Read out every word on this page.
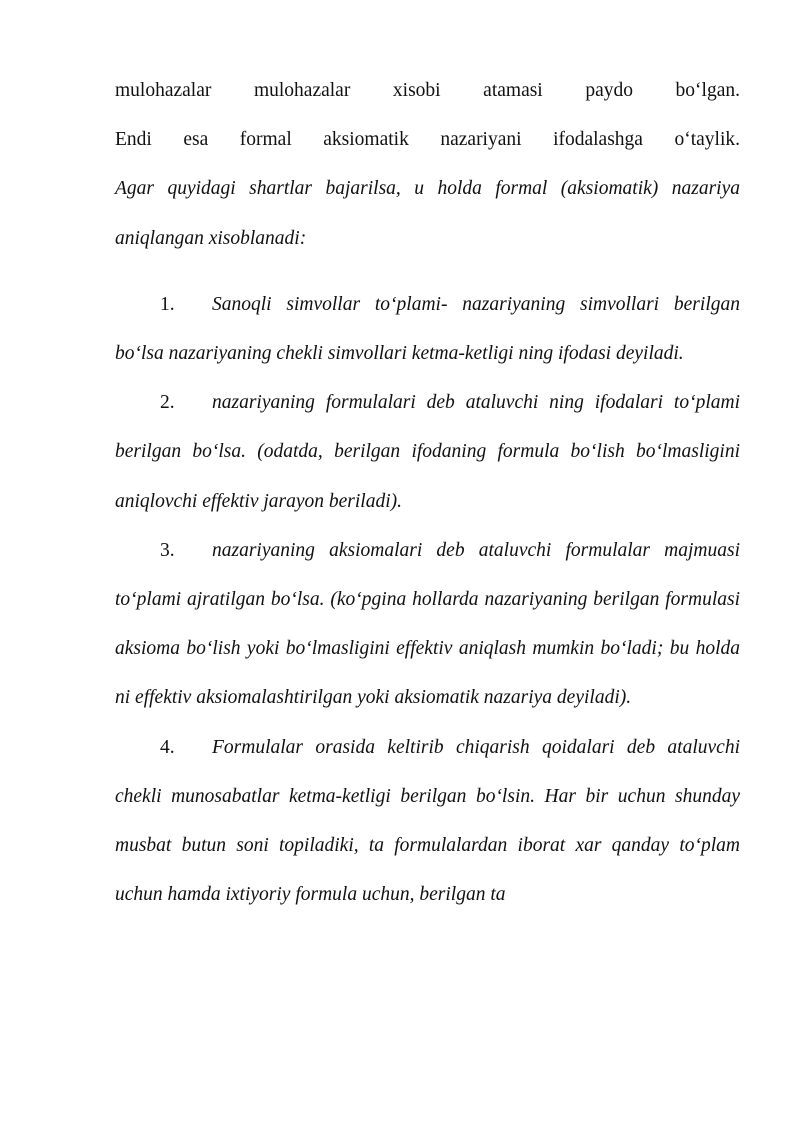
mulohazalar mulohazalar xisobi atamasi paydo bo‘lgan.

Endi esa formal aksiomatik nazariyani ifodalashga o‘taylik.

Agar quyidagi shartlar bajarilsa, u holda formal (aksiomatik) nazariya aniqlangan xisoblanadi:

1. Sanoqli simvollar to‘plami- nazariyaning simvollari berilgan bo‘lsa nazariyaning chekli simvollari ketma-ketligi ning ifodasi deyiladi.

2. nazariyaning formulalari deb ataluvchi ning ifodalari to‘plami berilgan bo‘lsa. (odatda, berilgan ifodaning formula bo‘lish bo‘lmasligini aniqlovchi effektiv jarayon beriladi).

3. nazariyaning aksiomalari deb ataluvchi formulalar majmuasi to‘plami ajratilgan bo‘lsa. (ko‘pgina hollarda nazariyaning berilgan formulasi aksioma bo‘lish yoki bo‘lmasligini effektiv aniqlash mumkin bo‘ladi; bu holda ni effektiv aksiomalashtirilgan yoki aksiomatik nazariya deyiladi).

4. Formulalar orasida keltirib chiqarish qoidalari deb ataluvchi chekli munosabatlar ketma-ketligi berilgan bo‘lsin. Har bir uchun shunday musbat butun soni topiladiki, ta formulalardan iborat xar qanday to‘plam uchun hamda ixtiyoriy formula uchun, berilgan ta
